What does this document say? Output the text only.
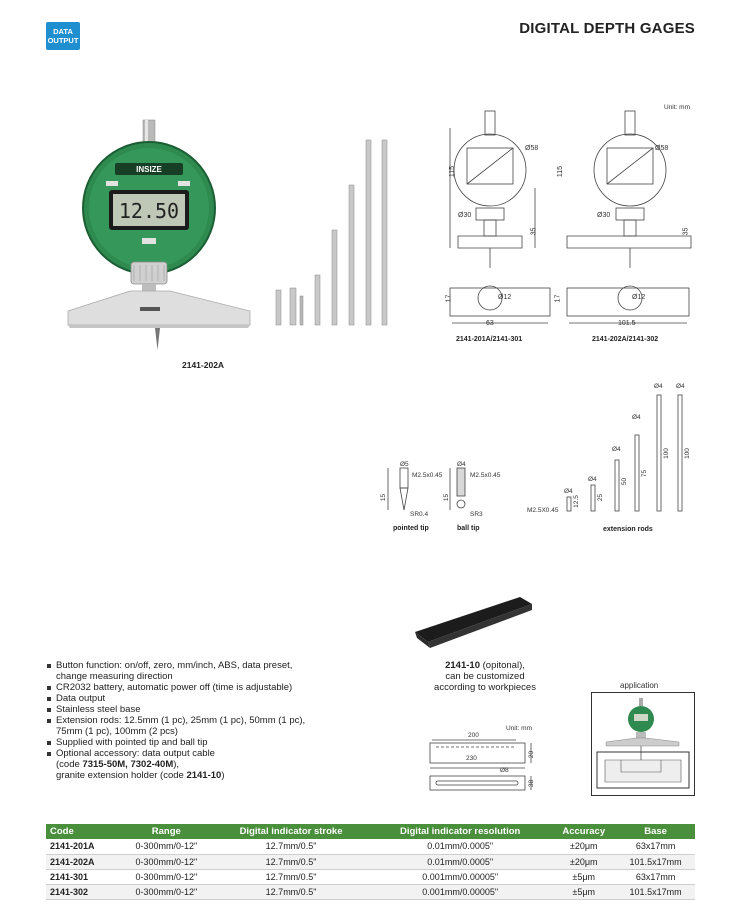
DATA
OUTPUT
DIGITAL DEPTH GAGES
INSIZE
12.50
2141-202A
Unit: mm
115
Ø58
Ø30
35
17	Ø12
63
2141-201A/2141-301
115
Ø58
Ø30
35
17	Ø12
101.5
2141-202A/2141-302
Ø5
M2.5x0.45
15
SR0.4
pointed tip
Ø4
M2.5x0.45
15
SR3
ball tip
Ø4
12.5
Ø4
25
Ø4
50
Ø4
75
Ø4
100
Ø4
100
M2.5X0.45
extension rods
2141-10 (opitonal),
can be customized
according to workpieces
Button function: on/off, zero, mm/inch, ABS, data preset,
change measuring direction
CR2032 battery, automatic power off (time is adjustable)
Data output
Stainless steel base
Extension rods: 12.5mm (1 pc), 25mm (1 pc), 50mm (1 pc),
75mm (1 pc), 100mm (2 pcs)
Supplied with pointed tip and ball tip
Optional accessory: data output cable
(code 7315-50M, 7302-40M),
granite extension holder (code 2141-10)
Unit: mm
200
230
20
38
Ø8
application
Code	Range	Digital indicator stroke	Digital indicator resolution	Accuracy	Base
2141-201A	0-300mm/0-12"	12.7mm/0.5"	0.01mm/0.0005"	±20μm	63x17mm
2141-202A	0-300mm/0-12"	12.7mm/0.5"	0.01mm/0.0005"	±20μm	101.5x17mm
2141-301	0-300mm/0-12"	12.7mm/0.5"	0.001mm/0.00005"	±5μm	63x17mm
2141-302	0-300mm/0-12"	12.7mm/0.5"	0.001mm/0.00005"	±5μm	101.5x17mm
